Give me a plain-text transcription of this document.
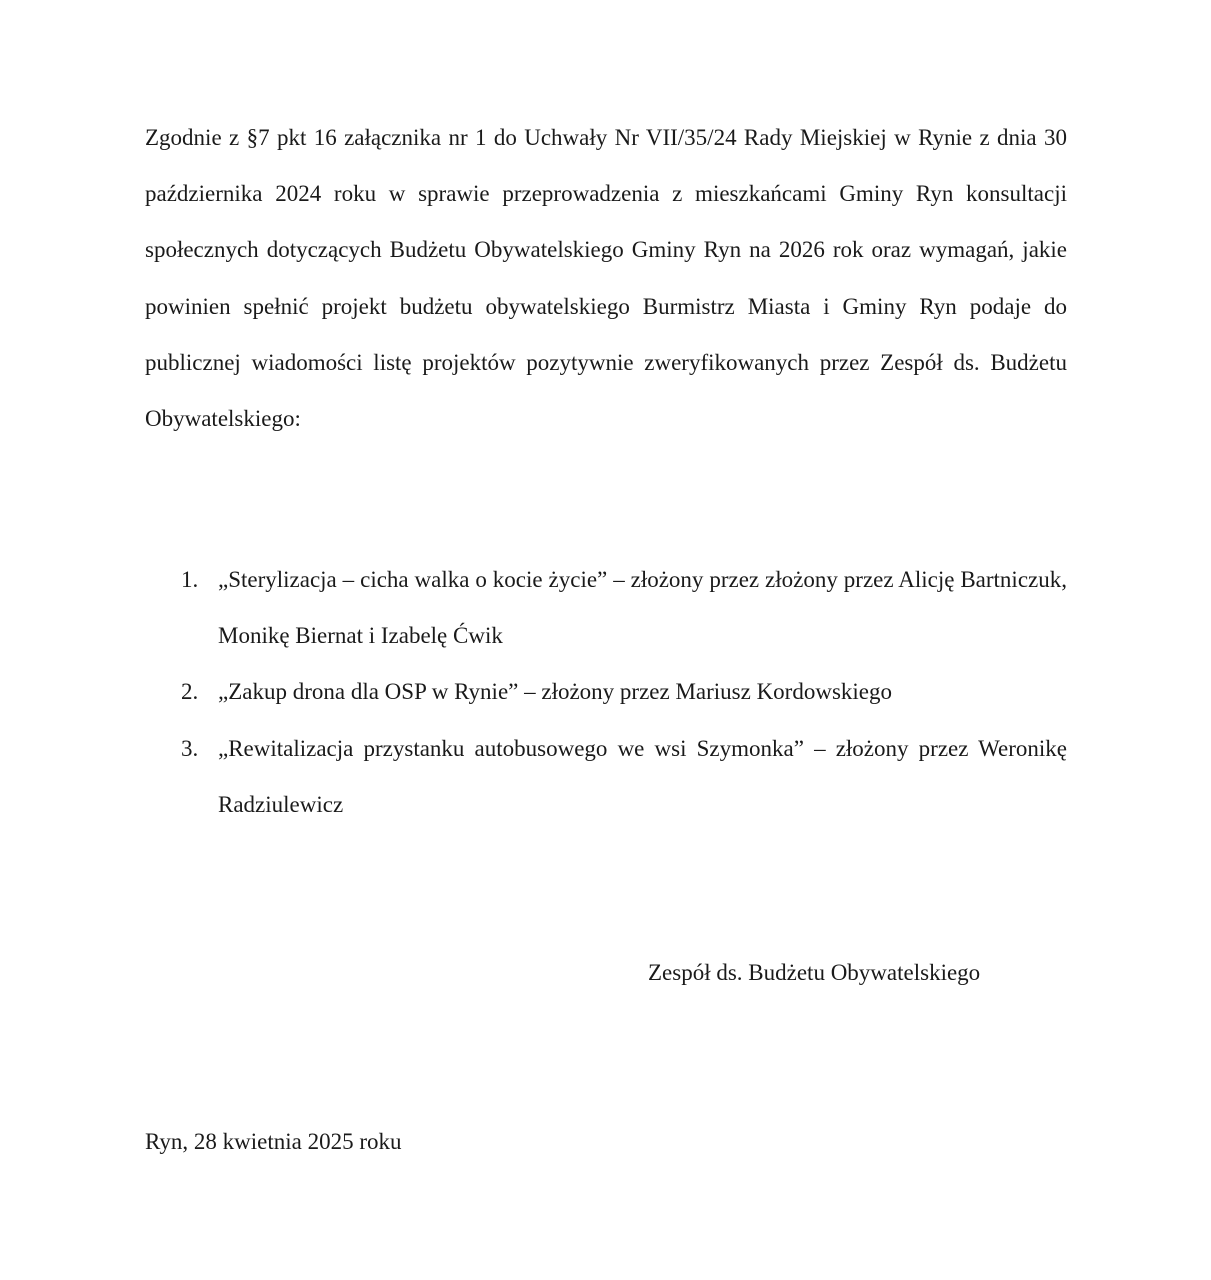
Zgodnie z §7 pkt 16 załącznika nr 1 do Uchwały Nr VII/35/24 Rady Miejskiej w Rynie z dnia 30 października 2024 roku w sprawie przeprowadzenia z mieszkańcami Gminy Ryn konsultacji społecznych dotyczących Budżetu Obywatelskiego Gminy Ryn na 2026 rok oraz wymagań, jakie powinien spełnić projekt budżetu obywatelskiego Burmistrz Miasta i Gminy Ryn podaje do publicznej wiadomości listę projektów pozytywnie zweryfikowanych przez Zespół ds. Budżetu Obywatelskiego:

1. „Sterylizacja – cicha walka o kocie życie” – złożony przez złożony przez Alicję Bartniczuk, Monikę Biernat i Izabelę Ćwik
2. „Zakup drona dla OSP w Rynie” – złożony przez Mariusz Kordowskiego
3. „Rewitalizacja przystanku autobusowego we wsi Szymonka” – złożony przez Weronikę Radziulewicz

Zespół ds. Budżetu Obywatelskiego

Ryn, 28 kwietnia 2025 roku
